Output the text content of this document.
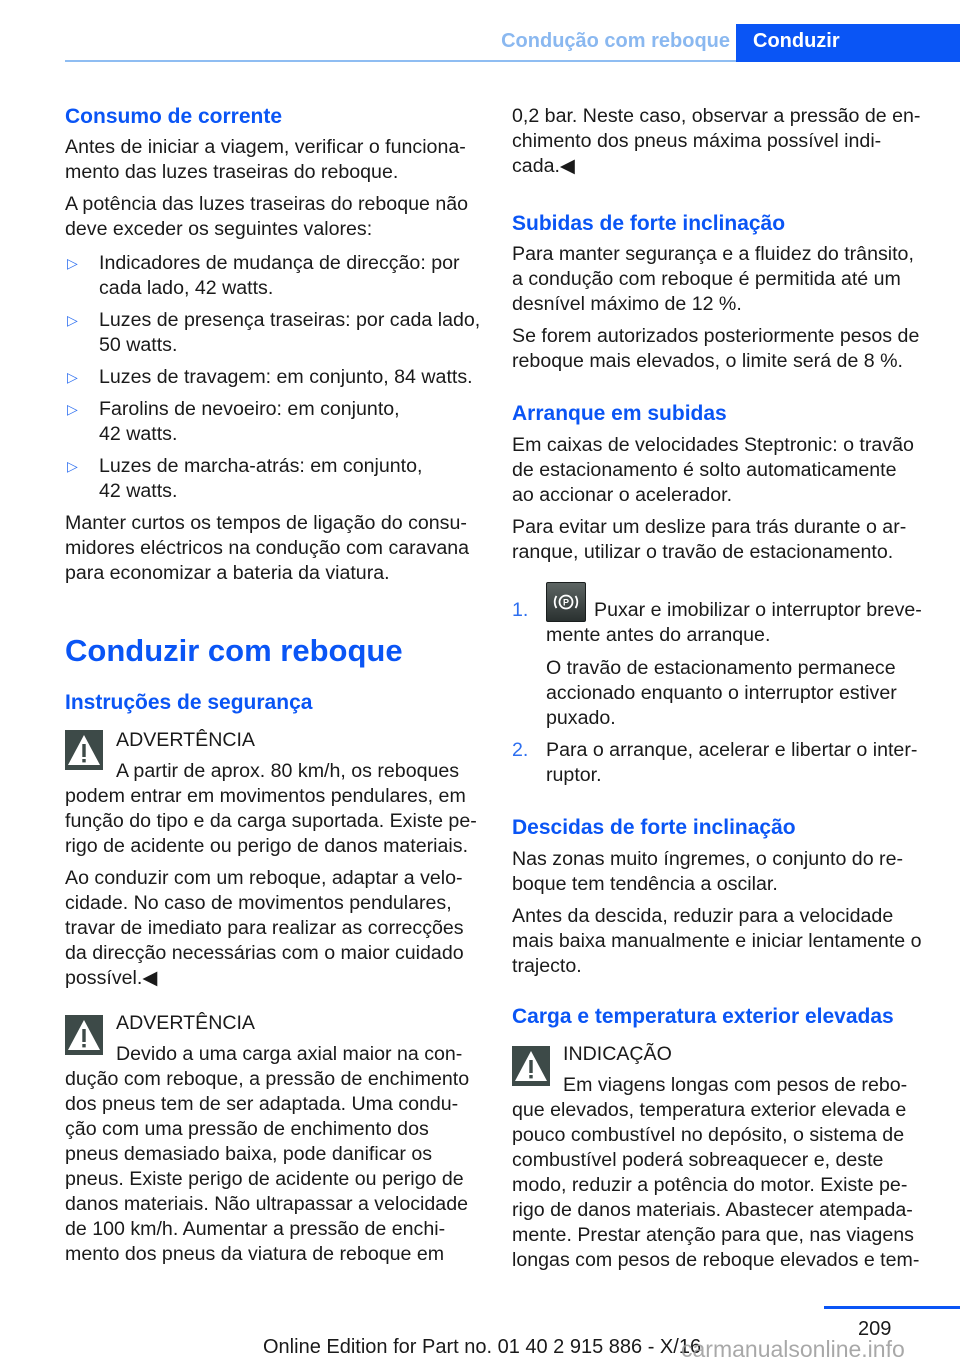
Condução com reboque Conduzir
Consumo de corrente
Antes de iniciar a viagem, verificar o funciona-
mento das luzes traseiras do reboque.
A potência das luzes traseiras do reboque não
deve exceder os seguintes valores:
▷ Indicadores de mudança de direcção: por
cada lado, 42 watts.
▷ Luzes de presença traseiras: por cada lado,
50 watts.
▷ Luzes de travagem: em conjunto, 84 watts.
▷ Farolins de nevoeiro: em conjunto,
42 watts.
▷ Luzes de marcha-atrás: em conjunto,
42 watts.
Manter curtos os tempos de ligação do consu-
midores eléctricos na condução com caravana
para economizar a bateria da viatura.
Conduzir com reboque
Instruções de segurança
ADVERTÊNCIA
A partir de aprox. 80 km/h, os reboques
podem entrar em movimentos pendulares, em
função do tipo e da carga suportada. Existe pe-
rigo de acidente ou perigo de danos materiais.
Ao conduzir com um reboque, adaptar a velo-
cidade. No caso de movimentos pendulares,
travar de imediato para realizar as correcções
da direcção necessárias com o maior cuidado
possível.◀
ADVERTÊNCIA
Devido a uma carga axial maior na con-
dução com reboque, a pressão de enchimento
dos pneus tem de ser adaptada. Uma condu-
ção com uma pressão de enchimento dos
pneus demasiado baixa, pode danificar os
pneus. Existe perigo de acidente ou perigo de
danos materiais. Não ultrapassar a velocidade
de 100 km/h. Aumentar a pressão de enchi-
mento dos pneus da viatura de reboque em
0,2 bar. Neste caso, observar a pressão de en-
chimento dos pneus máxima possível indi-
cada.◀
Subidas de forte inclinação
Para manter segurança e a fluidez do trânsito,
a condução com reboque é permitida até um
desnível máximo de 12 %.
Se forem autorizados posteriormente pesos de
reboque mais elevados, o limite será de 8 %.
Arranque em subidas
Em caixas de velocidades Steptronic: o travão
de estacionamento é solto automaticamente
ao accionar o acelerador.
Para evitar um deslize para trás durante o ar-
ranque, utilizar o travão de estacionamento.
1.	P Puxar e imobilizar o interruptor breve-
mente antes do arranque.
O travão de estacionamento permanece
accionado enquanto o interruptor estiver
puxado.
2. Para o arranque, acelerar e libertar o inter-
ruptor.
Descidas de forte inclinação
Nas zonas muito íngremes, o conjunto do re-
boque tem tendência a oscilar.
Antes da descida, reduzir para a velocidade
mais baixa manualmente e iniciar lentamente o
trajecto.
Carga e temperatura exterior elevadas
INDICAÇÃO
Em viagens longas com pesos de rebo-
que elevados, temperatura exterior elevada e
pouco combustível no depósito, o sistema de
combustível poderá sobreaquecer e, deste
modo, reduzir a potência do motor. Existe pe-
rigo de danos materiais. Abastecer atempada-
mente. Prestar atenção para que, nas viagens
longas com pesos de reboque elevados e tem-
209
Online Edition for Part no. 01 40 2 915 886 - X/16
carmanualsonline.info
